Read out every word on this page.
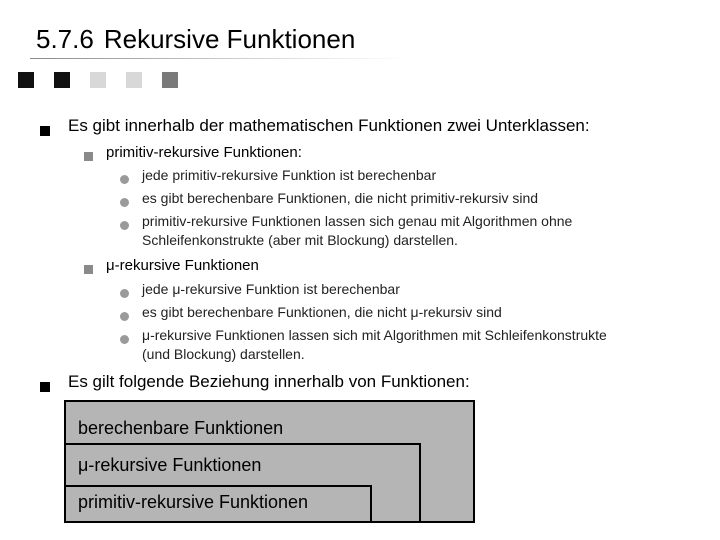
5.7.6 Rekursive Funktionen
Es gibt innerhalb der mathematischen Funktionen zwei Unterklassen:
primitiv-rekursive Funktionen:
jede primitiv-rekursive Funktion ist berechenbar
es gibt berechenbare Funktionen, die nicht primitiv-rekursiv sind
primitiv-rekursive Funktionen lassen sich genau mit Algorithmen ohne
Schleifenkonstrukte (aber mit Blockung) darstellen.
μ-rekursive Funktionen
jede μ-rekursive Funktion ist berechenbar
es gibt berechenbare Funktionen, die nicht μ-rekursiv sind
μ-rekursive Funktionen lassen sich mit Algorithmen mit Schleifenkonstrukte
(und Blockung) darstellen.
Es gilt folgende Beziehung innerhalb von Funktionen:
berechenbare Funktionen
μ-rekursive Funktionen
primitiv-rekursive Funktionen
